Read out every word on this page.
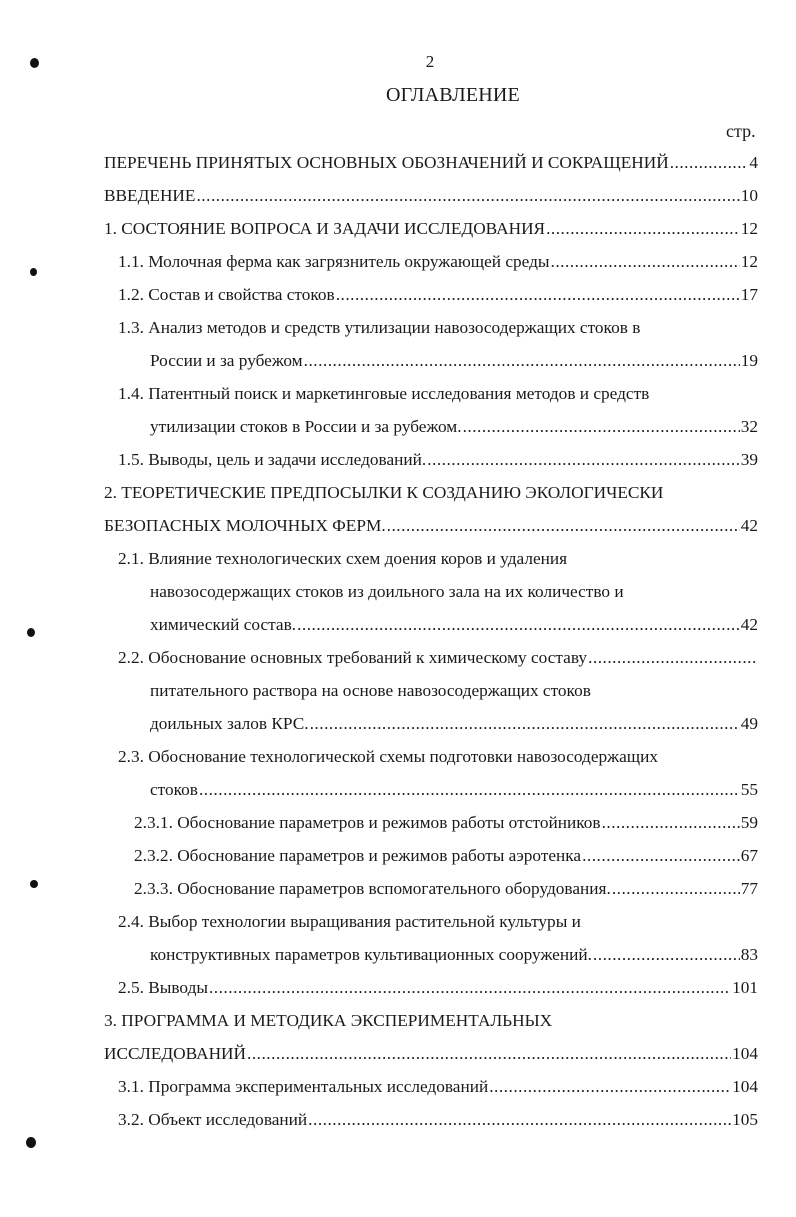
2
ОГЛАВЛЕНИЕ
стр.
ПЕРЕЧЕНЬ ПРИНЯТЫХ ОСНОВНЫХ ОБОЗНАЧЕНИЙ И СОКРАЩЕНИЙ .....	4
ВВЕДЕНИЕ .....	10
1. СОСТОЯНИЕ ВОПРОСА И ЗАДАЧИ ИССЛЕДОВАНИЯ .....	12
1.1. Молочная ферма как загрязнитель окружающей среды .....	12
1.2. Состав и свойства стоков .....	17
1.3. Анализ методов и средств утилизации навозосодержащих стоков в
России и за рубежом .....	19
1.4. Патентный поиск и маркетинговые исследования методов и средств
утилизации стоков в России и за рубежом. .....	32
1.5. Выводы, цель и задачи исследований. .....	39
2. ТЕОРЕТИЧЕСКИЕ ПРЕДПОСЫЛКИ К СОЗДАНИЮ ЭКОЛОГИЧЕСКИ
БЕЗОПАСНЫХ МОЛОЧНЫХ ФЕРМ. .....	42
2.1. Влияние технологических схем доения коров и удаления
навозосодержащих стоков из доильного зала на их количество и
химический состав. .....	42
2.2. Обоснование основных требований к химическому составу
.....
питательного раствора на основе навозосодержащих стоков
доильных залов КРС. .....	49
2.3. Обоснование технологической схемы подготовки навозосодержащих
стоков .....	55
2.3.1. Обоснование параметров и режимов работы отстойников .....	59
2.3.2. Обоснование параметров и режимов работы аэротенка .....	67
2.3.3. Обоснование параметров вспомогательного оборудования. .....	77
2.4. Выбор технологии выращивания растительной культуры и
конструктивных параметров культивационных сооружений. .....	83
2.5. Выводы .....	101
3. ПРОГРАММА И МЕТОДИКА ЭКСПЕРИМЕНТАЛЬНЫХ
ИССЛЕДОВАНИЙ .....	104
3.1. Программа экспериментальных исследований .....	104
3.2. Объект исследований .....	105
